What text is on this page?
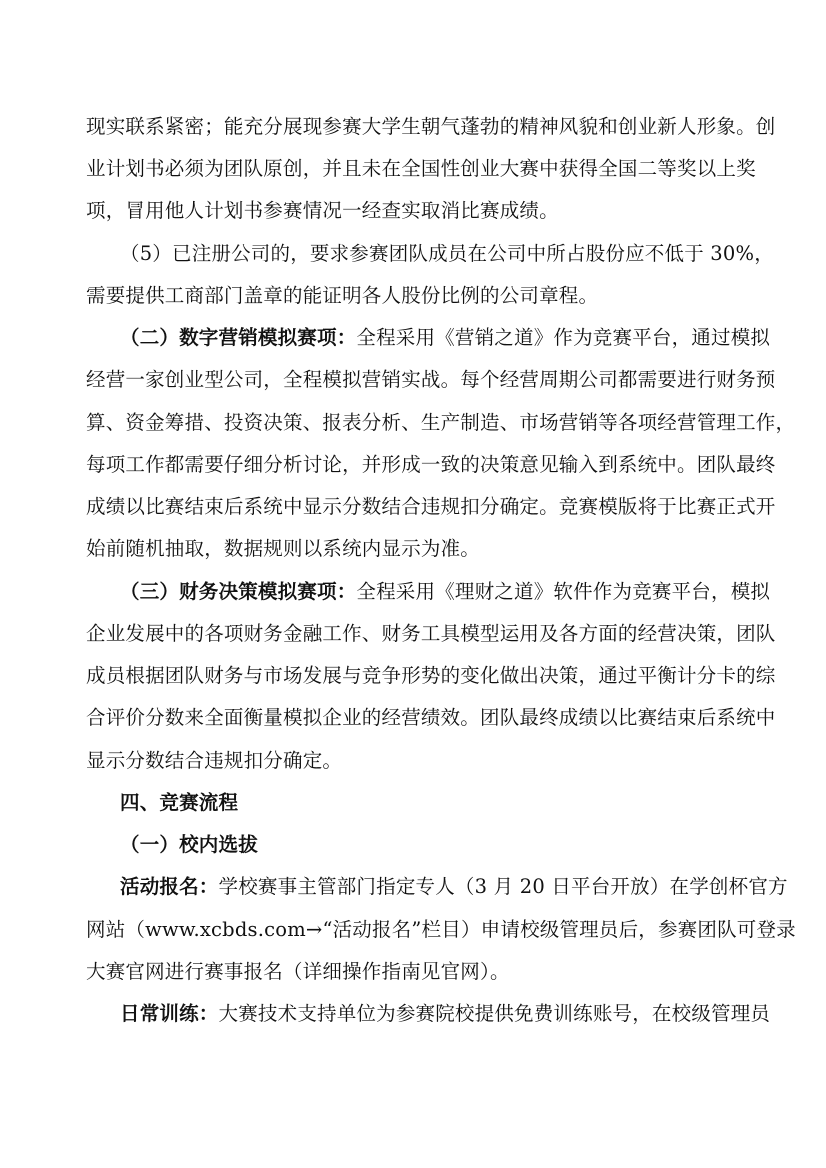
现实联系紧密；能充分展现参赛大学生朝气蓬勃的精神风貌和创业新人形象。创
业计划书必须为团队原创，并且未在全国性创业大赛中获得全国二等奖以上奖
项，冒用他人计划书参赛情况一经查实取消比赛成绩。
（5）已注册公司的，要求参赛团队成员在公司中所占股份应不低于 30%，
需要提供工商部门盖章的能证明各人股份比例的公司章程。
（二）数字营销模拟赛项：全程采用《营销之道》作为竞赛平台，通过模拟
经营一家创业型公司，全程模拟营销实战。每个经营周期公司都需要进行财务预
算、资金筹措、投资决策、报表分析、生产制造、市场营销等各项经营管理工作，
每项工作都需要仔细分析讨论，并形成一致的决策意见输入到系统中。团队最终
成绩以比赛结束后系统中显示分数结合违规扣分确定。竞赛模版将于比赛正式开
始前随机抽取，数据规则以系统内显示为准。
（三）财务决策模拟赛项：全程采用《理财之道》软件作为竞赛平台，模拟
企业发展中的各项财务金融工作、财务工具模型运用及各方面的经营决策，团队
成员根据团队财务与市场发展与竞争形势的变化做出决策，通过平衡计分卡的综
合评价分数来全面衡量模拟企业的经营绩效。团队最终成绩以比赛结束后系统中
显示分数结合违规扣分确定。
四、竞赛流程
（一）校内选拔
活动报名：学校赛事主管部门指定专人（3 月 20 日平台开放）在学创杯官方
网站（www.xcbds.com→“活动报名”栏目）申请校级管理员后，参赛团队可登录
大赛官网进行赛事报名（详细操作指南见官网）。
日常训练：大赛技术支持单位为参赛院校提供免费训练账号，在校级管理员
